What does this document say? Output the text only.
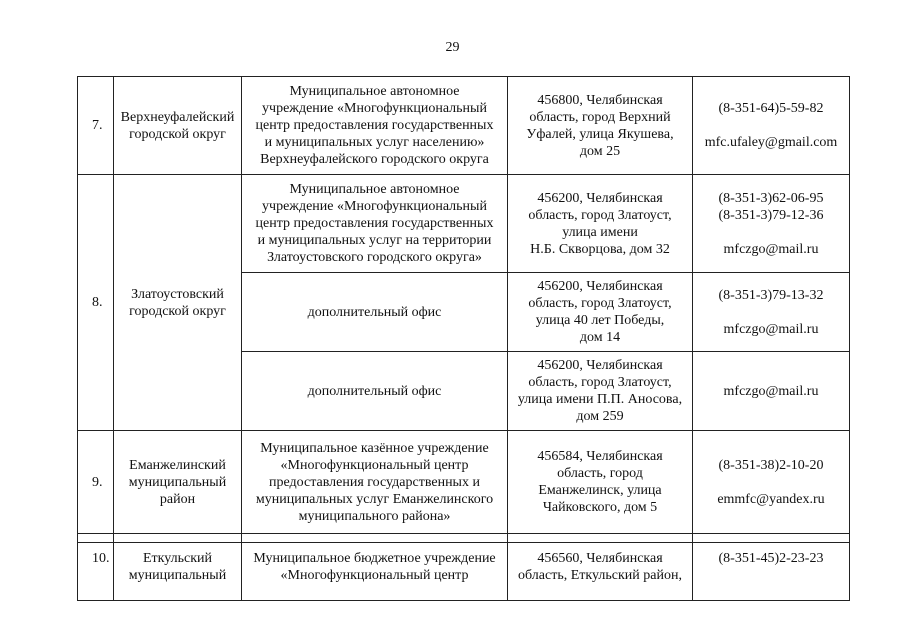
29
7.	Верхнеуфалейский
городской округ	Муниципальное автономное
учреждение «Многофункциональный
центр предоставления государственных
и муниципальных услуг населению»
Верхнеуфалейского городского округа	456800, Челябинская
область, город Верхний
Уфалей, улица Якушева,
дом 25	(8-351-64)5-59-82
mfc.ufaley@gmail.com

8.	Златоустовский
городской округ	Муниципальное автономное
учреждение «Многофункциональный
центр предоставления государственных
и муниципальных услуг на территории
Златоустовского городского округа»	456200, Челябинская
область, город Златоуст,
улица имени
Н.Б. Скворцова, дом 32	(8-351-3)62-06-95
(8-351-3)79-12-36
mfczgo@mail.ru

		дополнительный офис	456200, Челябинская
область, город Златоуст,
улица 40 лет Победы,
дом 14	(8-351-3)79-13-32
mfczgo@mail.ru

		дополнительный офис	456200, Челябинская
область, город Златоуст,
улица имени П.П. Аносова,
дом 259	mfczgo@mail.ru

9.	Еманжелинский
муниципальный
район	Муниципальное казённое учреждение
«Многофункциональный центр
предоставления государственных и
муниципальных услуг Еманжелинского
муниципального района»	456584, Челябинская
область, город
Еманжелинск, улица
Чайковского, дом 5	(8-351-38)2-10-20
emmfc@yandex.ru

10.	Еткульский
муниципальный	Муниципальное бюджетное учреждение
«Многофункциональный центр	456560, Челябинская
область, Еткульский район,	(8-351-45)2-23-23
